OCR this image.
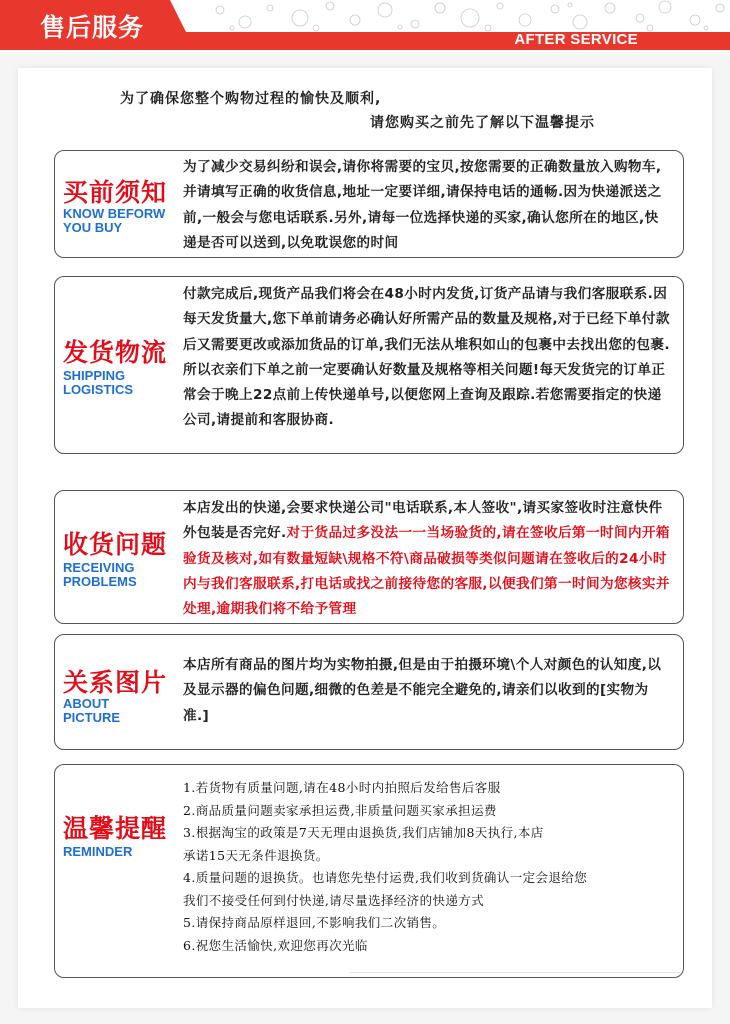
售后服务	AFTER SERVICE
为了确保您整个购物过程的愉快及顺利,
请您购买之前先了解以下温馨提示
买前须知
KNOW BEFORW
YOU BUY
为了减少交易纠纷和误会,请你将需要的宝贝,按您需要的正确数量放入购物车,并请填写正确的收货信息,地址一定要详细,请保持电话的通畅.因为快递派送之前,一般会与您电话联系.另外,请每一位选择快递的买家,确认您所在的地区,快递是否可以送到,以免耽误您的时间
发货物流
SHIPPING
LOGISTICS
付款完成后,现货产品我们将会在48小时内发货,订货产品请与我们客服联系.因每天发货量大,您下单前请务必确认好所需产品的数量及规格,对于已经下单付款后又需要更改或添加货品的订单,我们无法从堆积如山的包裹中去找出您的包裹.所以衣亲们下单之前一定要确认好数量及规格等相关问题!每天发货完的订单正常会于晚上22点前上传快递单号,以便您网上查询及跟踪.若您需要指定的快递公司,请提前和客服协商.
收货问题
RECEIVING
PROBLEMS
本店发出的快递,会要求快递公司"电话联系,本人签收",请买家签收时注意快件外包装是否完好.对于货品过多没法一一当场验货的,请在签收后第一时间内开箱验货及核对,如有数量短缺\规格不符\商品破损等类似问题请在签收后的24小时内与我们客服联系,打电话或找之前接待您的客服,以便我们第一时间为您核实并处理,逾期我们将不给予管理
关系图片
ABOUT
PICTURE
本店所有商品的图片均为实物拍摄,但是由于拍摄环境\个人对颜色的认知度,以及显示器的偏色问题,细微的色差是不能完全避免的,请亲们以收到的[实物为准.]
温馨提醒
REMINDER
1.若货物有质量问题,请在48小时内拍照后发给售后客服
2.商品质量问题卖家承担运费,非质量问题买家承担运费
3.根据淘宝的政策是7天无理由退换货,我们店铺加8天执行,本店
承诺15天无条件退换货。
4.质量问题的退换货。也请您先垫付运费,我们收到货确认一定会退给您
我们不接受任何到付快递,请尽量选择经济的快递方式
5.请保持商品原样退回,不影响我们二次销售。
6.祝您生活愉快,欢迎您再次光临
